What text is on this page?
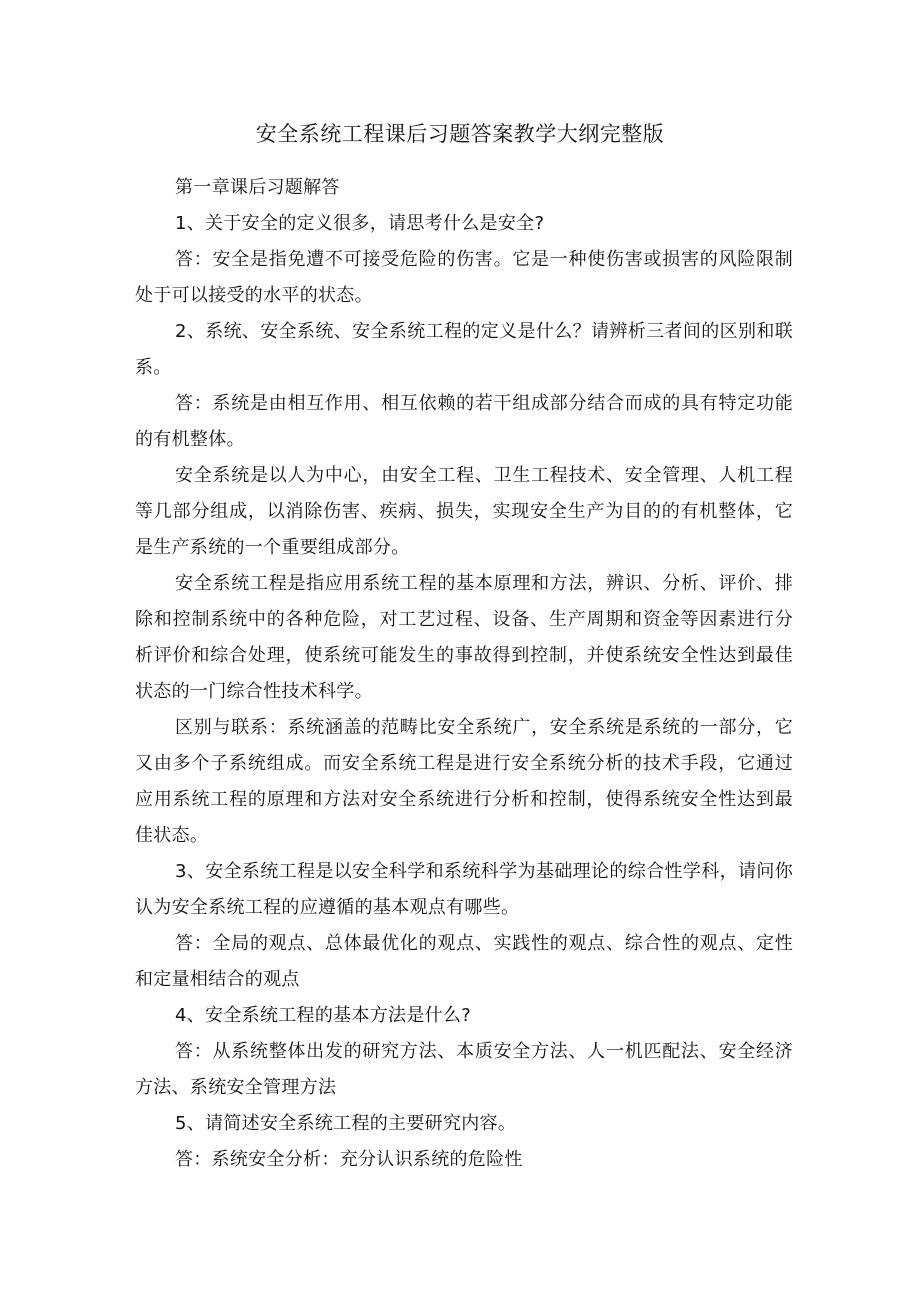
安全系统工程课后习题答案教学大纲完整版

第一章课后习题解答

1、关于安全的定义很多，请思考什么是安全?

答：安全是指免遭不可接受危险的伤害。它是一种使伤害或损害的风险限制处于可以接受的水平的状态。

2、系统、安全系统、安全系统工程的定义是什么？请辨析三者间的区别和联系。

答：系统是由相互作用、相互依赖的若干组成部分结合而成的具有特定功能的有机整体。

安全系统是以人为中心，由安全工程、卫生工程技术、安全管理、人机工程等几部分组成，以消除伤害、疾病、损失，实现安全生产为目的的有机整体，它是生产系统的一个重要组成部分。

安全系统工程是指应用系统工程的基本原理和方法，辨识、分析、评价、排除和控制系统中的各种危险，对工艺过程、设备、生产周期和资金等因素进行分析评价和综合处理，使系统可能发生的事故得到控制，并使系统安全性达到最佳状态的一门综合性技术科学。

区别与联系：系统涵盖的范畴比安全系统广，安全系统是系统的一部分，它又由多个子系统组成。而安全系统工程是进行安全系统分析的技术手段，它通过应用系统工程的原理和方法对安全系统进行分析和控制，使得系统安全性达到最佳状态。

3、安全系统工程是以安全科学和系统科学为基础理论的综合性学科，请问你认为安全系统工程的应遵循的基本观点有哪些。

答：全局的观点、总体最优化的观点、实践性的观点、综合性的观点、定性和定量相结合的观点

4、安全系统工程的基本方法是什么?

答：从系统整体出发的研究方法、本质安全方法、人一机匹配法、安全经济方法、系统安全管理方法

5、请简述安全系统工程的主要研究内容。

答：系统安全分析：充分认识系统的危险性
